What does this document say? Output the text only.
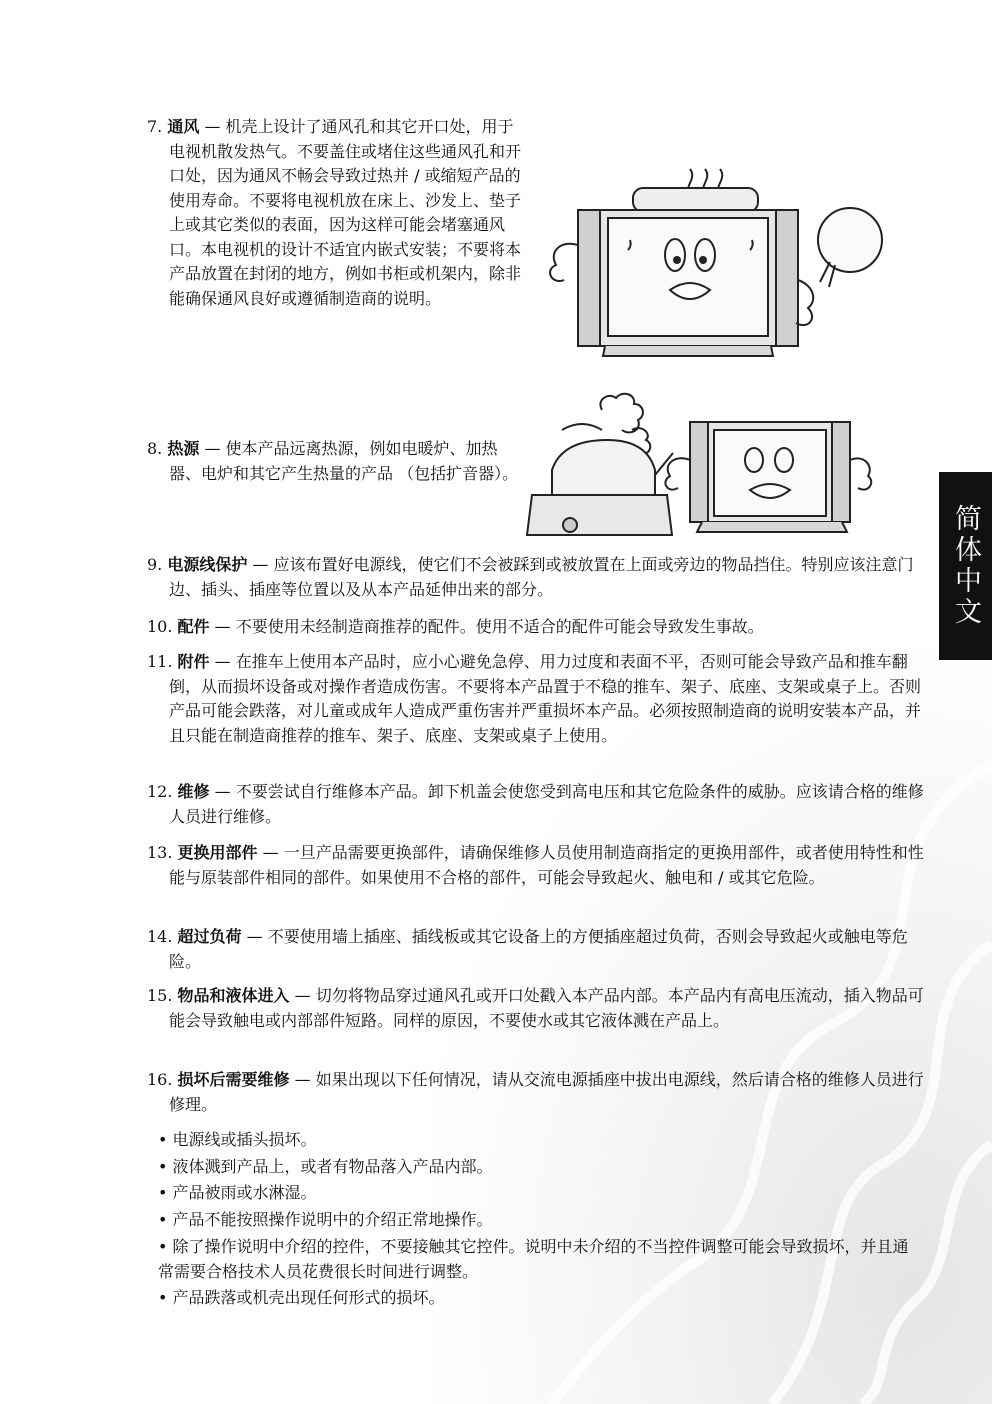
简体中文

7. 通风 — 机壳上设计了通风孔和其它开口处，用于电视机散发热气。不要盖住或堵住这些通风孔和开口处，因为通风不畅会导致过热并 / 或缩短产品的使用寿命。不要将电视机放在床上、沙发上、垫子上或其它类似的表面，因为这样可能会堵塞通风口。本电视机的设计不适宜内嵌式安装；不要将本产品放置在封闭的地方，例如书柜或机架内，除非能确保通风良好或遵循制造商的说明。

8. 热源 — 使本产品远离热源，例如电暖炉、加热器、电炉和其它产生热量的产品 （包括扩音器）。

9. 电源线保护 — 应该布置好电源线，使它们不会被踩到或被放置在上面或旁边的物品挡住。特别应该注意门边、插头、插座等位置以及从本产品延伸出来的部分。

10. 配件 — 不要使用未经制造商推荐的配件。使用不适合的配件可能会导致发生事故。

11. 附件 — 在推车上使用本产品时，应小心避免急停、用力过度和表面不平，否则可能会导致产品和推车翻倒，从而损坏设备或对操作者造成伤害。不要将本产品置于不稳的推车、架子、底座、支架或桌子上。否则产品可能会跌落，对儿童或成年人造成严重伤害并严重损坏本产品。必须按照制造商的说明安装本产品，并且只能在制造商推荐的推车、架子、底座、支架或桌子上使用。

12. 维修 — 不要尝试自行维修本产品。卸下机盖会使您受到高电压和其它危险条件的威胁。应该请合格的维修人员进行维修。

13. 更换用部件 — 一旦产品需要更换部件，请确保维修人员使用制造商指定的更换用部件，或者使用特性和性能与原装部件相同的部件。如果使用不合格的部件，可能会导致起火、触电和 / 或其它危险。

14. 超过负荷 — 不要使用墙上插座、插线板或其它设备上的方便插座超过负荷，否则会导致起火或触电等危险。

15. 物品和液体进入 — 切勿将物品穿过通风孔或开口处戳入本产品内部。本产品内有高电压流动，插入物品可能会导致触电或内部部件短路。同样的原因，不要使水或其它液体溅在产品上。

16. 损坏后需要维修 — 如果出现以下任何情况，请从交流电源插座中拔出电源线，然后请合格的维修人员进行修理。

• 电源线或插头损坏。

• 液体溅到产品上，或者有物品落入产品内部。

• 产品被雨或水淋湿。

• 产品不能按照操作说明中的介绍正常地操作。

• 除了操作说明中介绍的控件，不要接触其它控件。说明中未介绍的不当控件调整可能会导致损坏，并且通常需要合格技术人员花费很长时间进行调整。

• 产品跌落或机壳出现任何形式的损坏。
